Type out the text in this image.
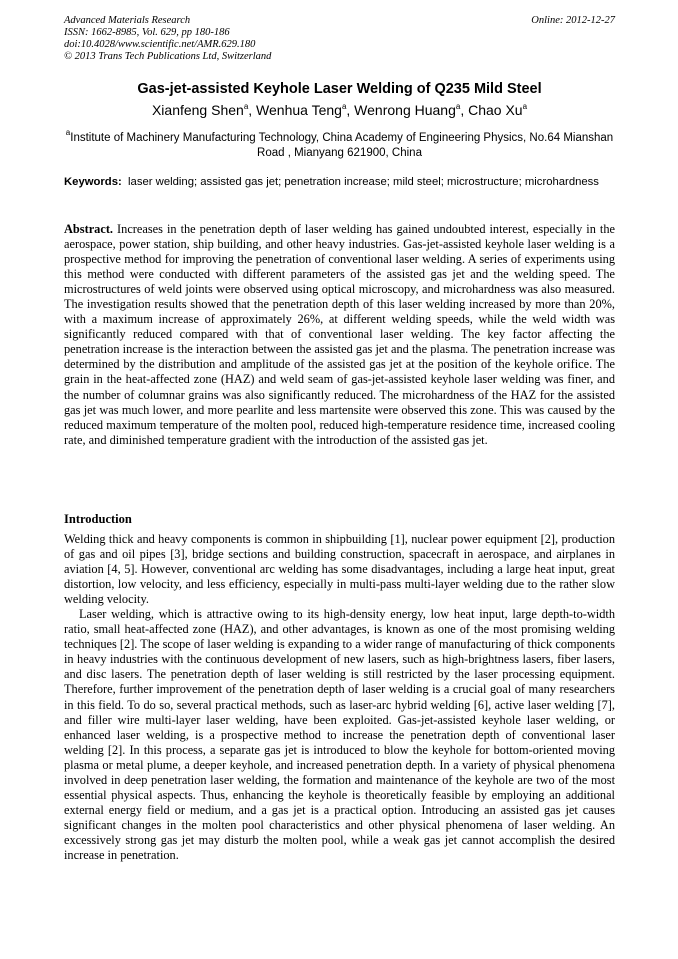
Advanced Materials Research
ISSN: 1662-8985, Vol. 629, pp 180-186
doi:10.4028/www.scientific.net/AMR.629.180
© 2013 Trans Tech Publications Ltd, Switzerland
Online: 2012-12-27
Gas-jet-assisted Keyhole Laser Welding of Q235 Mild Steel
Xianfeng Shen$^a$, Wenhua Teng$^a$, Wenrong Huang$^a$, Chao Xu$^a$
$^a$Institute of Machinery Manufacturing Technology, China Academy of Engineering Physics, No.64 Mianshan Road , Mianyang 621900, China
Keywords: laser welding; assisted gas jet; penetration increase; mild steel; microstructure; microhardness

Abstract. Increases in the penetration depth of laser welding has gained undoubted interest, especially in the aerospace, power station, ship building, and other heavy industries. Gas-jet-assisted keyhole laser welding is a prospective method for improving the penetration of conventional laser welding. A series of experiments using this method were conducted with different parameters of the assisted gas jet and the welding speed. The microstructures of weld joints were observed using optical microscopy, and microhardness was also measured. The investigation results showed that the penetration depth of this laser welding increased by more than 20%, with a maximum increase of approximately 26%, at different welding speeds, while the weld width was significantly reduced compared with that of conventional laser welding. The key factor affecting the penetration increase is the interaction between the assisted gas jet and the plasma. The penetration increase was determined by the distribution and amplitude of the assisted gas jet at the position of the keyhole orifice. The grain in the heat-affected zone (HAZ) and weld seam of gas-jet-assisted keyhole laser welding was finer, and the number of columnar grains was also significantly reduced. The microhardness of the HAZ for the assisted gas jet was much lower, and more pearlite and less martensite were observed this zone. This was caused by the reduced maximum temperature of the molten pool, reduced high-temperature residence time, increased cooling rate, and diminished temperature gradient with the introduction of the assisted gas jet.

Introduction

Welding thick and heavy components is common in shipbuilding [1], nuclear power equipment [2], production of gas and oil pipes [3], bridge sections and building construction, spacecraft in aerospace, and airplanes in aviation [4, 5]. However, conventional arc welding has some disadvantages, including a large heat input, great distortion, low velocity, and less efficiency, especially in multi-pass multi-layer welding due to the rather slow welding velocity.

Laser welding, which is attractive owing to its high-density energy, low heat input, large depth-to-width ratio, small heat-affected zone (HAZ), and other advantages, is known as one of the most promising welding techniques [2]. The scope of laser welding is expanding to a wider range of manufacturing of thick components in heavy industries with the continuous development of new lasers, such as high-brightness lasers, fiber lasers, and disc lasers. The penetration depth of laser welding is still restricted by the laser processing equipment. Therefore, further improvement of the penetration depth of laser welding is a crucial goal of many researchers in this field. To do so, several practical methods, such as laser-arc hybrid welding [6], active laser welding [7], and filler wire multi-layer laser welding, have been exploited. Gas-jet-assisted keyhole laser welding, or enhanced laser welding, is a prospective method to increase the penetration depth of conventional laser welding [2]. In this process, a separate gas jet is introduced to blow the keyhole for bottom-oriented moving plasma or metal plume, a deeper keyhole, and increased penetration depth. In a variety of physical phenomena involved in deep penetration laser welding, the formation and maintenance of the keyhole are two of the most essential physical aspects. Thus, enhancing the keyhole is theoretically feasible by employing an additional external energy field or medium, and a gas jet is a practical option. Introducing an assisted gas jet causes significant changes in the molten pool characteristics and other physical phenomena of laser welding. An excessively strong gas jet may disturb the molten pool, while a weak gas jet cannot accomplish the desired increase in penetration.
